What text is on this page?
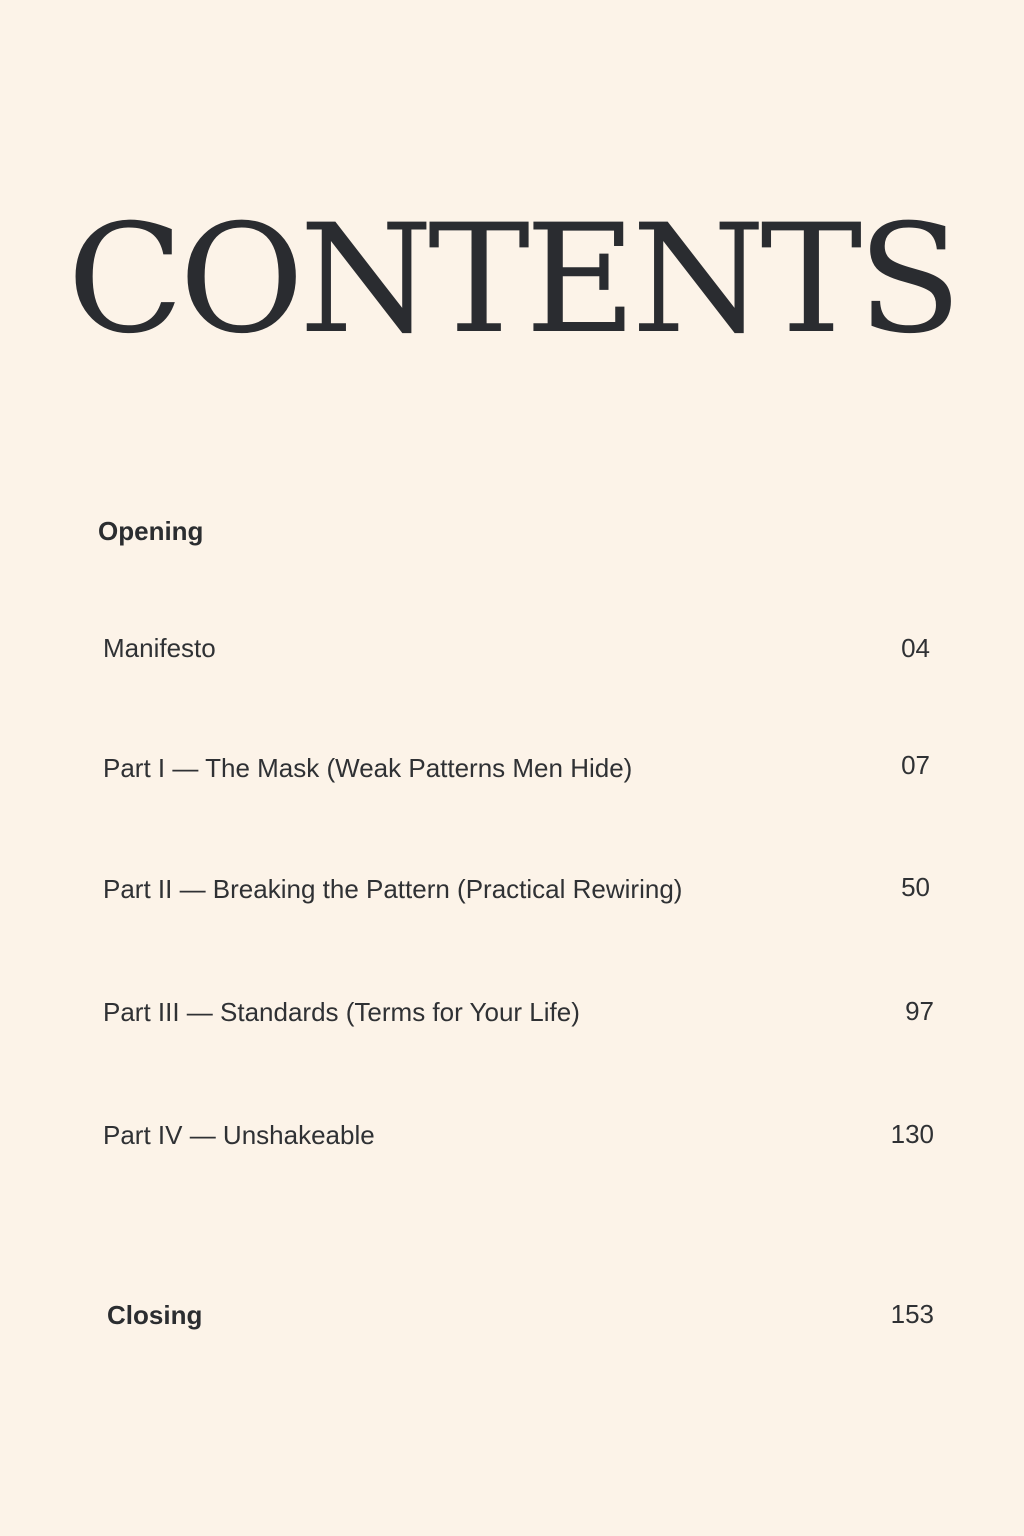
CONTENTS
Opening
Manifesto	04
Part I — The Mask (Weak Patterns Men Hide)	07
Part II — Breaking the Pattern (Practical Rewiring)	50
Part III — Standards (Terms for Your Life)	97
Part IV — Unshakeable	130
Closing	153
